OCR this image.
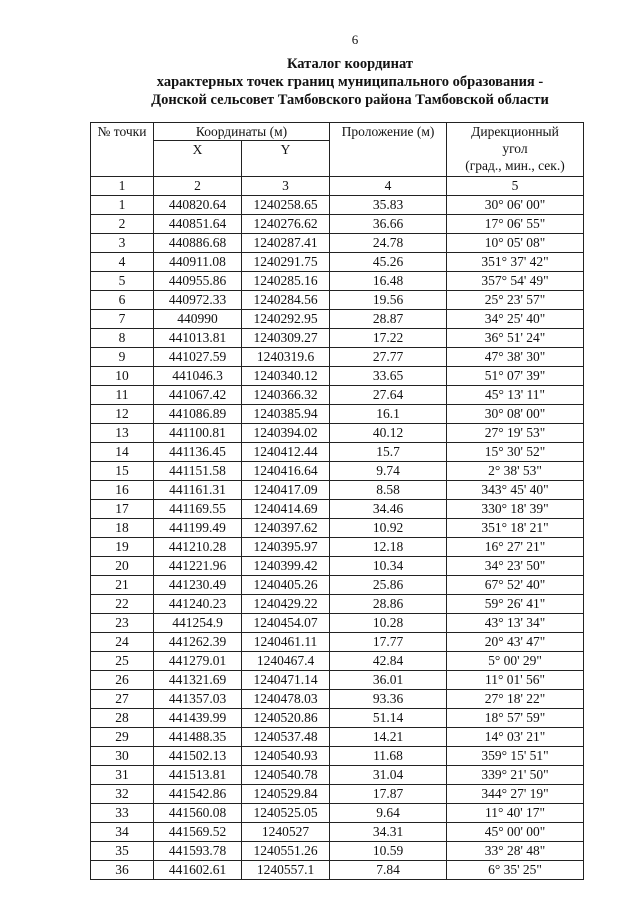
6
Каталог координат
характерных точек границ муниципального образования -
Донской сельсовет Тамбовского района Тамбовской области
№ точки	Координаты (м)		Проложение (м)	Дирекционный
угол
(град., мин., сек.)

	X	Y		
1	2	3	4	5
1	440820.64	1240258.65	35.83	30° 06' 00"
2	440851.64	1240276.62	36.66	17° 06' 55"
3	440886.68	1240287.41	24.78	10° 05' 08"
4	440911.08	1240291.75	45.26	351° 37' 42"
5	440955.86	1240285.16	16.48	357° 54' 49"
6	440972.33	1240284.56	19.56	25° 23' 57"
7	440990	1240292.95	28.87	34° 25' 40"
8	441013.81	1240309.27	17.22	36° 51' 24"
9	441027.59	1240319.6	27.77	47° 38' 30"
10	441046.3	1240340.12	33.65	51° 07' 39"
11	441067.42	1240366.32	27.64	45° 13' 11"
12	441086.89	1240385.94	16.1	30° 08' 00"
13	441100.81	1240394.02	40.12	27° 19' 53"
14	441136.45	1240412.44	15.7	15° 30' 52"
15	441151.58	1240416.64	9.74	2° 38' 53"
16	441161.31	1240417.09	8.58	343° 45' 40"
17	441169.55	1240414.69	34.46	330° 18' 39"
18	441199.49	1240397.62	10.92	351° 18' 21"
19	441210.28	1240395.97	12.18	16° 27' 21"
20	441221.96	1240399.42	10.34	34° 23' 50"
21	441230.49	1240405.26	25.86	67° 52' 40"
22	441240.23	1240429.22	28.86	59° 26' 41"
23	441254.9	1240454.07	10.28	43° 13' 34"
24	441262.39	1240461.11	17.77	20° 43' 47"
25	441279.01	1240467.4	42.84	5° 00' 29"
26	441321.69	1240471.14	36.01	11° 01' 56"
27	441357.03	1240478.03	93.36	27° 18' 22"
28	441439.99	1240520.86	51.14	18° 57' 59"
29	441488.35	1240537.48	14.21	14° 03' 21"
30	441502.13	1240540.93	11.68	359° 15' 51"
31	441513.81	1240540.78	31.04	339° 21' 50"
32	441542.86	1240529.84	17.87	344° 27' 19"
33	441560.08	1240525.05	9.64	11° 40' 17"
34	441569.52	1240527	34.31	45° 00' 00"
35	441593.78	1240551.26	10.59	33° 28' 48"
36	441602.61	1240557.1	7.84	6° 35' 25"
